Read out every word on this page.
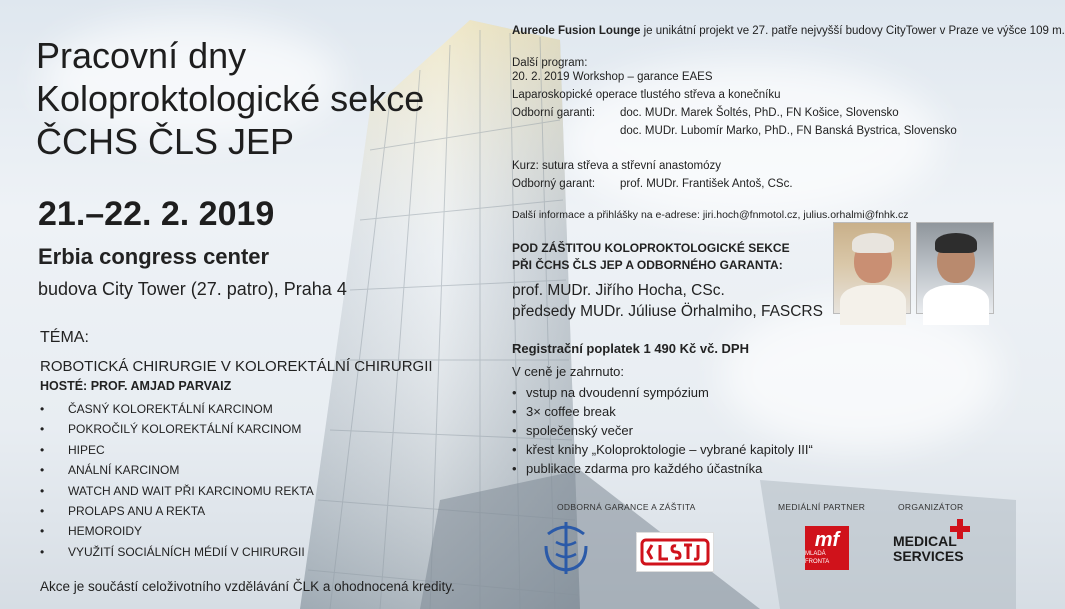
Pracovní dny
Koloproktologické sekce
ČCHS ČLS JEP
21.–22. 2. 2019
Erbia congress center
budova City Tower (27. patro), Praha 4
TÉMA:
ROBOTICKÁ CHIRURGIE V KOLOREKTÁLNÍ CHIRURGII
HOSTÉ: PROF. AMJAD PARVAIZ
• ČASNÝ KOLOREKTÁLNÍ KARCINOM
• POKROČILÝ KOLOREKTÁLNÍ KARCINOM
• HIPEC
• ANÁLNÍ KARCINOM
• WATCH AND WAIT PŘI KARCINOMU REKTA
• PROLAPS ANU A REKTA
• HEMOROIDY
• VYUŽITÍ SOCIÁLNÍCH MÉDIÍ V CHIRURGII
Akce je součástí celoživotního vzdělávání ČLK a ohodnocená kredity.
Aureole Fusion Lounge je unikátní projekt ve 27. patře nejvyšší budovy CityTower v Praze ve výšce 109 m.
Další program:
20. 2. 2019 Workshop – garance EAES
Laparoskopické operace tlustého střeva a konečníku
Odborní garanti: doc. MUDr. Marek Šoltés, PhD., FN Košice, Slovensko
doc. MUDr. Lubomír Marko, PhD., FN Banská Bystrica, Slovensko
Kurz: sutura střeva a střevní anastomózy
Odborný garant: prof. MUDr. František Antoš, CSc.
Další informace a přihlášky na e-adrese: jiri.hoch@fnmotol.cz, julius.orhalmi@fnhk.cz
POD ZÁŠTITOU KOLOPROKTOLOGICKÉ SEKCE
PŘI ČCHS ČLS JEP A ODBORNÉHO GARANTA:
prof. MUDr. Jiřího Hocha, CSc.
předsedy MUDr. Júliuse Örhalmiho, FASCRS
Registrační poplatek 1 490 Kč vč. DPH
V ceně je zahrnuto:
• vstup na dvoudenní sympózium
• 3× coffee break
• společenský večer
• křest knihy „Koloproktologie – vybrané kapitoly III“
• publikace zdarma pro každého účastníka
ODBORNÁ GARANCE A ZÁŠTITA	MEDIÁLNÍ PARTNER	ORGANIZÁTOR
mf
MLADÁ FRONTA
MEDICAL
SERVICES
